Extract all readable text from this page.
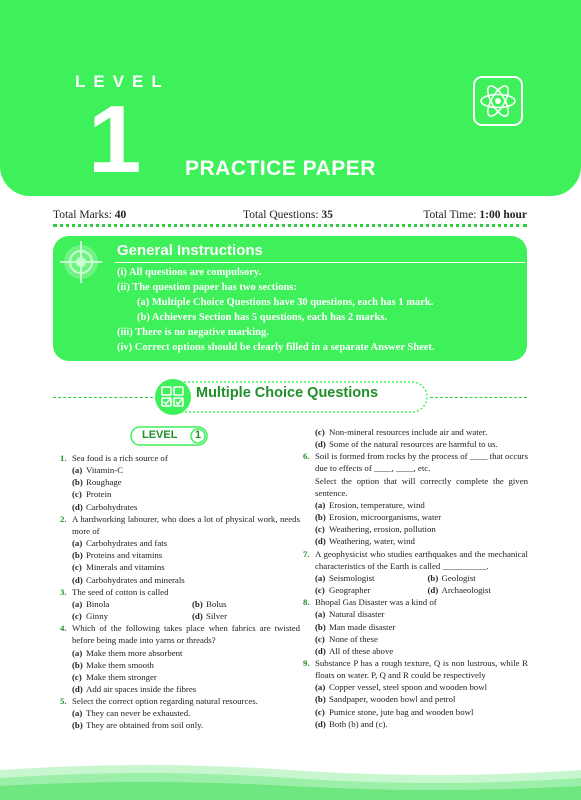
LEVEL
1 PRACTICE PAPER
Total Marks: 40	Total Questions: 35	Total Time: 1:00 hour
General Instructions
(i) All questions are compulsory.
(ii) The question paper has two sections:
(a) Multiple Choice Questions have 30 questions, each has 1 mark.
(b) Achievers Section has 5 questions, each has 2 marks.
(iii) There is no negative marking.
(iv) Correct options should be clearly filled in a separate Answer Sheet.
Multiple Choice Questions
LEVEL 1
1. Sea food is a rich source of
(a) Vitamin-C
(b) Roughage
(c) Protein
(d) Carbohydrates
2. A hardworking labourer, who does a lot of physical work, needs more of
(a) Carbohydrates and fats
(b) Proteins and vitamins
(c) Minerals and vitamins
(d) Carbohydrates and minerals
3. The seed of cotton is called
(a) Binola	(b) Bolus
(c) Ginny	(d) Silver
4. Which of the following takes place when fabrics are twisted before being made into yarns or threads?
(a) Make them more absorbent
(b) Make them smooth
(c) Make them stronger
(d) Add air spaces inside the fibres
5. Select the correct option regarding natural resources.
(a) They can never be exhausted.
(b) They are obtained from soil only.
(c) Non-mineral resources include air and water.
(d) Some of the natural resources are harmful to us.
6. Soil is formed from rocks by the process of ____ that occurs due to effects of ____, ____, etc.
Select the option that will correctly complete the given sentence.
(a) Erosion, temperature, wind
(b) Erosion, microorganisms, water
(c) Weathering, erosion, pollution
(d) Weathering, water, wind
7. A geophysicist who studies earthquakes and the mechanical characteristics of the Earth is called __________.
(a) Seismologist	(b) Geologist
(c) Geographer	(d) Archaeologist
8. Bhopal Gas Disaster was a kind of
(a) Natural disaster
(b) Man made disaster
(c) None of these
(d) All of these above
9. Substance P has a rough texture, Q is non lustrous, while R floats on water. P, Q and R could be respectively
(a) Copper vessel, steel spoon and wooden bowl
(b) Sandpaper, wooden bowl and petrol
(c) Pumice stone, jute bag and wooden bowl
(d) Both (b) and (c).
